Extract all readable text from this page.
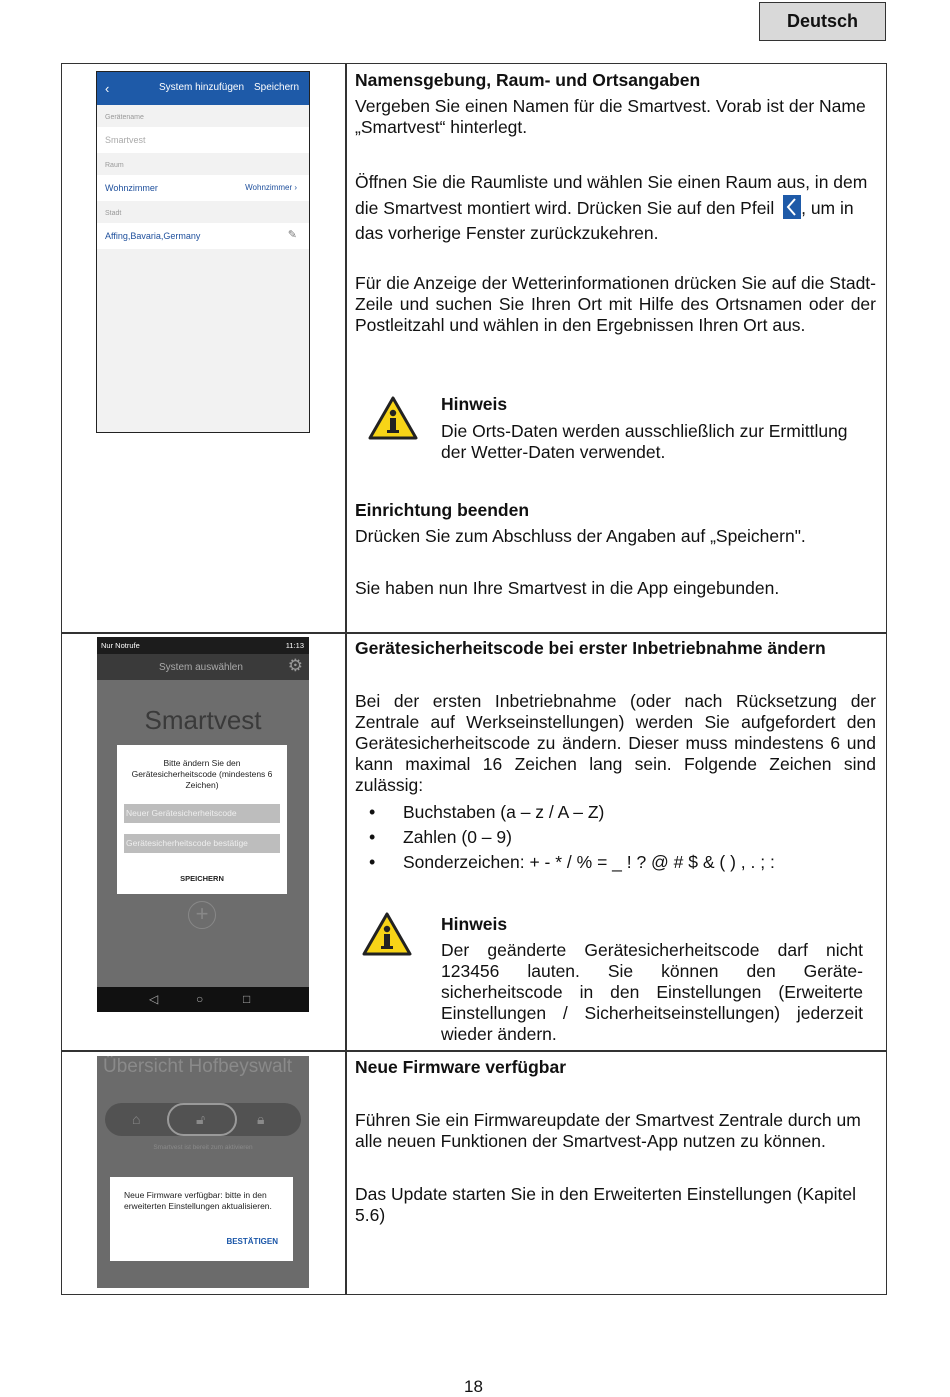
Deutsch
‹	System hinzufügen Speichern
Gerätename
Smartvest
Raum
Wohnzimmer	Wohnzimmer ›
Stadt
Affing,Bavaria,Germany	✎
Namensgebung, Raum- und Ortsangaben
Vergeben Sie einen Namen für die Smartvest. Vorab ist der Name „Smartvest“ hinterlegt.
Öffnen Sie die Raumliste und wählen Sie einen Raum aus, in dem die Smartvest montiert wird. Drücken Sie auf den Pfeil , um in das vorherige Fenster zurückzukehren.
Für die Anzeige der Wetterinformationen drücken Sie auf die Stadt-Zeile und suchen Sie Ihren Ort mit Hilfe des Ortsnamen oder der Postleitzahl und wählen in den Ergebnissen Ihren Ort aus.
Hinweis
Die Orts-Daten werden ausschließlich zur Ermittlung der Wetter-Daten verwendet.
Einrichtung beenden
Drücken Sie zum Abschluss der Angaben auf „Speichern".
Sie haben nun Ihre Smartvest in die App eingebunden.
Nur Notrufe	11:13
System auswählen	⚙
Smartvest
Bitte ändern Sie den Gerätesicherheitscode (mindestens 6 Zeichen)
Neuer Gerätesicherheitscode
Gerätesicherheitscode bestätige
SPEICHERN
+
◁	○	□
Gerätesicherheitscode bei erster Inbetriebnahme ändern
Bei der ersten Inbetriebnahme (oder nach Rücksetzung der Zentrale auf Werkseinstellungen) werden Sie aufgefordert den Gerätesicherheitscode zu ändern. Dieser muss mindestens 6 und kann maximal 16 Zeichen lang sein. Folgende Zeichen sind zulässig:
• Buchstaben (a – z / A – Z)
• Zahlen (0 – 9)
• Sonderzeichen: + - * / % = _ ! ? @ # $ & ( ) , . ; :
Hinweis
Der geänderte Gerätesicherheitscode darf nicht 123456 lauten. Sie können den Geräte-sicherheitscode in den Einstellungen (Erweiterte Einstellungen / Sicherheitseinstellungen) jederzeit wieder ändern.
Übersicht Hofbeyswalt
⌂	🔓︎	🔒︎
Smartvest ist bereit zum aktivieren
Neue Firmware verfügbar: bitte in den erweiterten Einstellungen aktualisieren.
BESTÄTIGEN
Neue Firmware verfügbar
Führen Sie ein Firmwareupdate der Smartvest Zentrale durch um alle neuen Funktionen der Smartvest-App nutzen zu können.
Das Update starten Sie in den Erweiterten Einstellungen (Kapitel 5.6)
18
